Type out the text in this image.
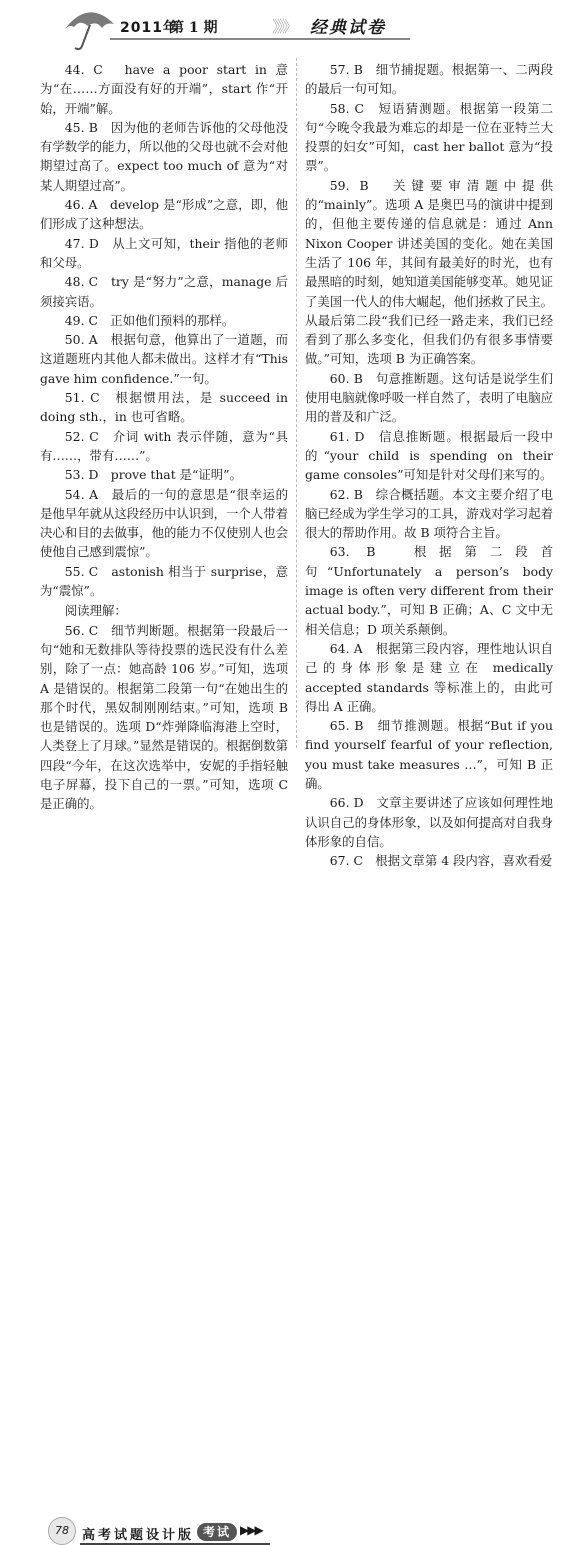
2011年
第 1 期	》》》 经典试卷

44. C　have a poor start in 意为“在……方面没有好的开端”，start 作“开始，开端”解。

45. B　因为他的老师告诉他的父母他没有学数学的能力，所以他的父母也就不会对他期望过高了。expect too much of 意为“对某人期望过高”。

46. A　develop 是“形成”之意，即，他们形成了这种想法。

47. D　从上文可知，their 指他的老师和父母。

48. C　try 是“努力”之意，manage 后须接宾语。

49. C　正如他们预料的那样。

50. A　根据句意，他算出了一道题，而这道题班内其他人都未做出。这样才有“This gave him confidence.”一句。

51. C　根据惯用法，是 succeed in doing sth.，in 也可省略。

52. C　介词 with 表示伴随，意为“具有……，带有……”。

53. D　prove that 是“证明”。

54. A　最后的一句的意思是“很幸运的是他早年就从这段经历中认识到，一个人带着决心和目的去做事，他的能力不仅使别人也会使他自己感到震惊”。

55. C　astonish 相当于 surprise，意为“震惊”。

阅读理解：

56. C　细节判断题。根据第一段最后一句“她和无数排队等待投票的选民没有什么差别，除了一点：她高龄 106 岁。”可知，选项 A 是错误的。根据第二段第一句“在她出生的那个时代，黑奴制刚刚结束。”可知，选项 B 也是错误的。选项 D“炸弹降临海港上空时，人类登上了月球。”显然是错误的。根据倒数第四段“今年，在这次选举中，安妮的手指轻触电子屏幕，投下自己的一票。”可知，选项 C 是正确的。

57. B　细节捕捉题。根据第一、二两段的最后一句可知。

58. C　短语猜测题。根据第一段第二句“今晚令我最为难忘的却是一位在亚特兰大投票的妇女”可知，cast her ballot 意为“投票”。

59. B　关键要审清题中提供的“mainly”。选项 A 是奥巴马的演讲中提到的，但他主要传递的信息就是：通过 Ann Nixon Cooper 讲述美国的变化。她在美国生活了 106 年，其间有最美好的时光，也有最黑暗的时刻，她知道美国能够变革。她见证了美国一代人的伟大崛起，他们拯救了民主。从最后第二段“我们已经一路走来，我们已经看到了那么多变化，但我们仍有很多事情要做。”可知，选项 B 为正确答案。

60. B　句意推断题。这句话是说学生们使用电脑就像呼吸一样自然了，表明了电脑应用的普及和广泛。

61. D　信息推断题。根据最后一段中的“your child is spending on their game consoles”可知是针对父母们来写的。

62. B　综合概括题。本文主要介绍了电脑已经成为学生学习的工具，游戏对学习起着很大的帮助作用。故 B 项符合主旨。

63. B　根据第二段首句“Unfortunately a person’s body image is often very different from their actual body.”，可知 B 正确；A、C 文中无相关信息；D 项关系颠倒。

64. A　根据第三段内容，理性地认识自己的身体形象是建立在 medically accepted standards 等标准上的，由此可得出 A 正确。

65. B　细节推测题。根据“But if you find yourself fearful of your reflection, you must take measures …”，可知 B 正确。

66. D　文章主要讲述了应该如何理性地认识自己的身体形象，以及如何提高对自我身体形象的自信。

67. C　根据文章第 4 段内容，喜欢看爱

78	高考试题设计版 考试 ▶▶▶
